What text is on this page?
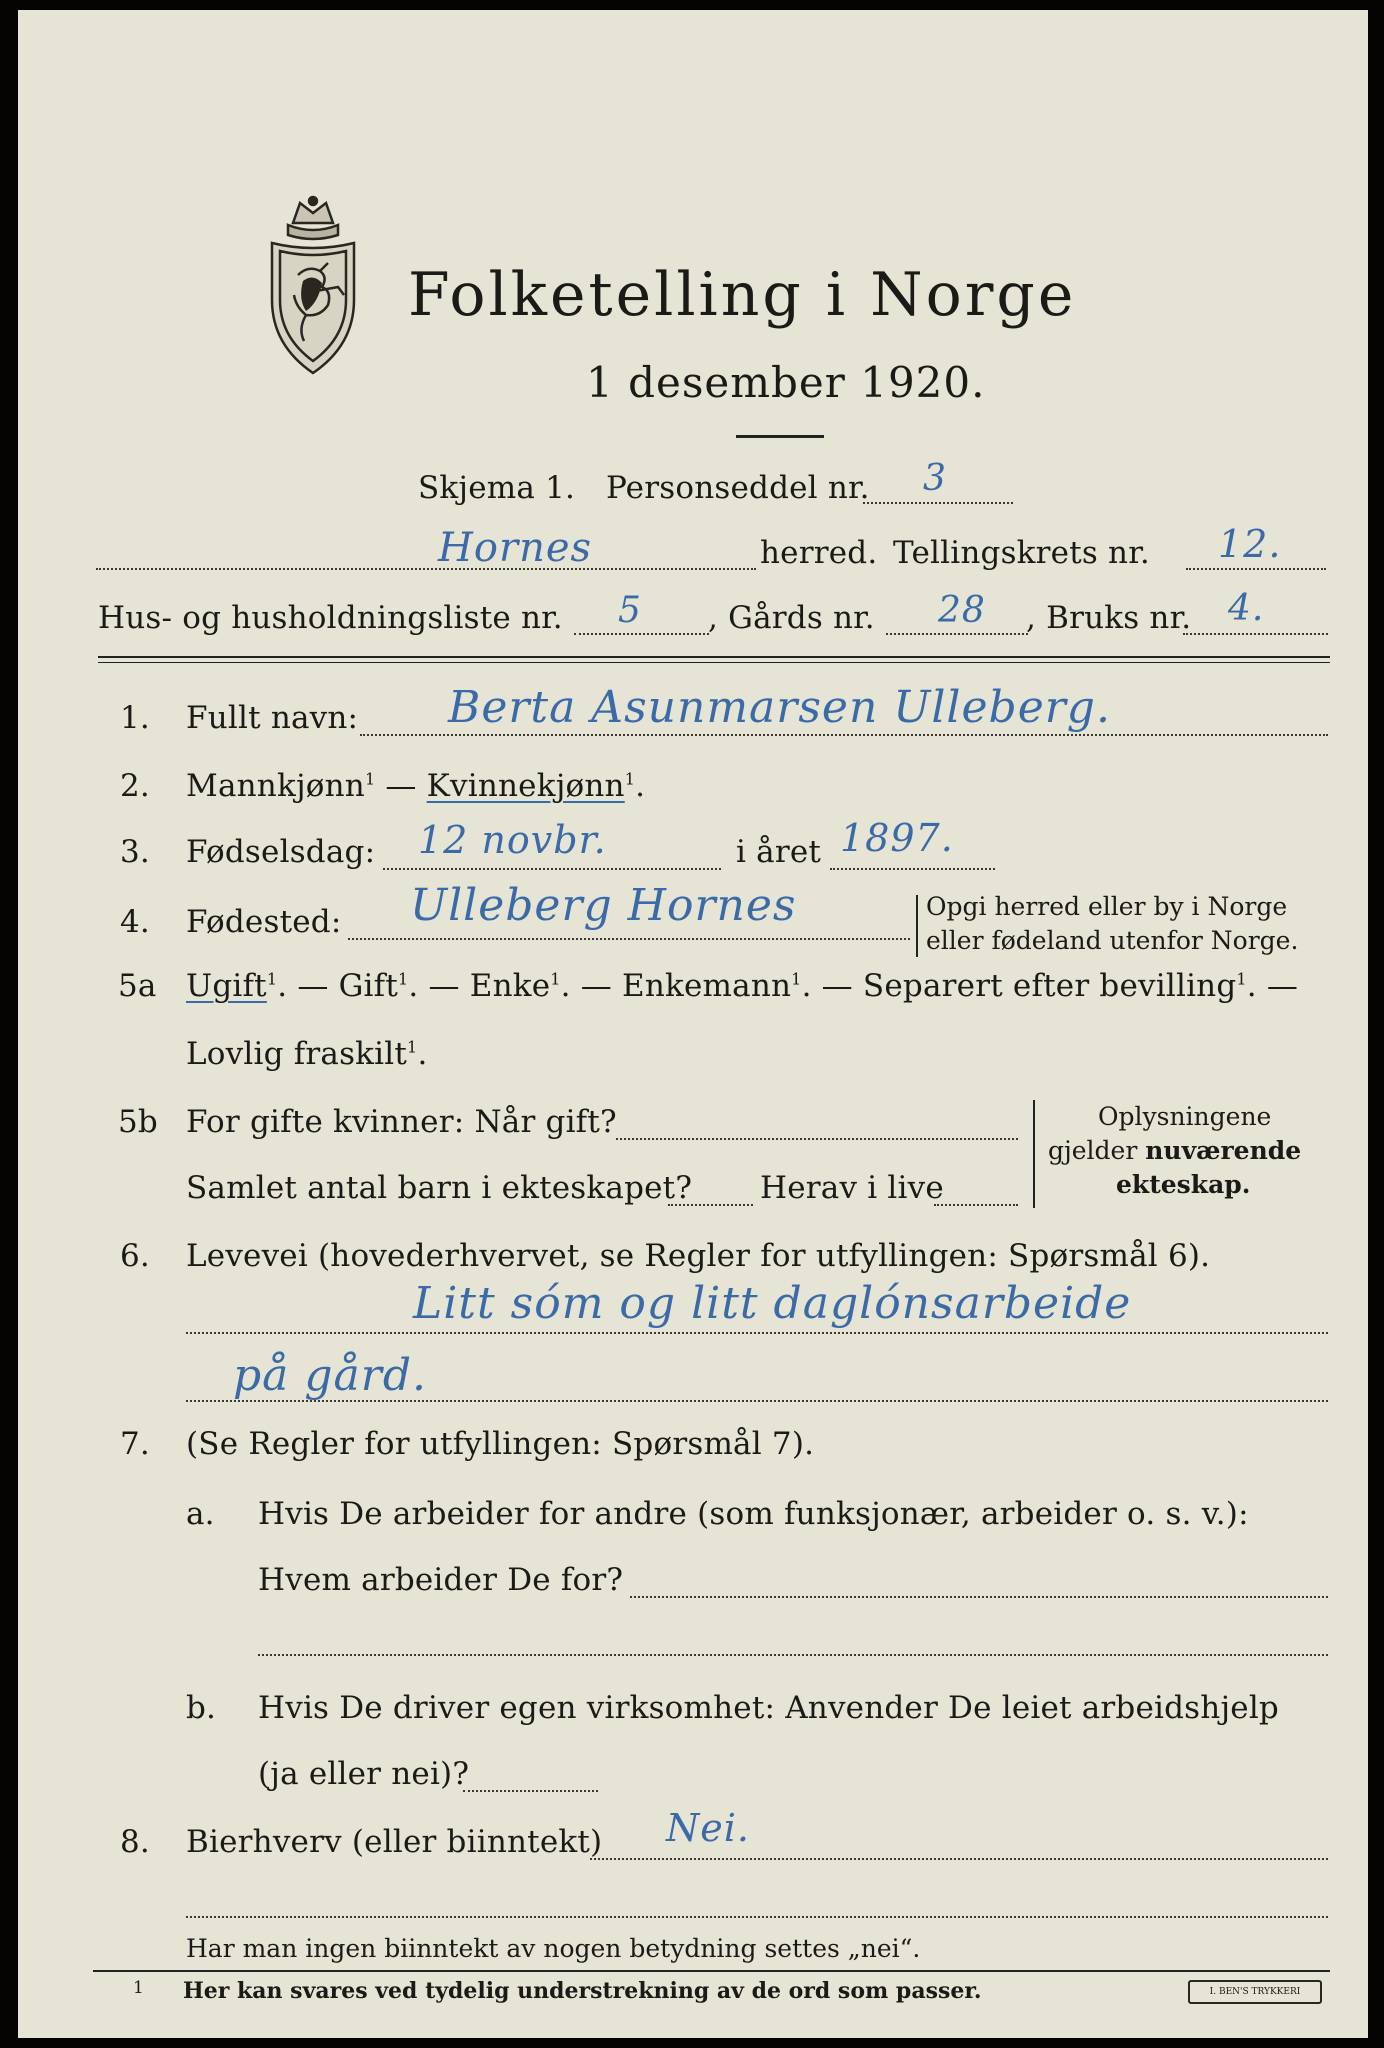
Folketelling i Norge
1 desember 1920.
Skjema 1. Personseddel nr. 3
Hornes	herred. Tellingskrets nr. 12.
Hus- og husholdningsliste nr. 5 , Gårds nr. 28 , Bruks nr. 4.
1. Fullt navn: Berta Asunmarsen Ulleberg.
2. Mannkjønn$^1$ — Kvinnekjønn$^1$.
3. Fødselsdag: 12 novbr.	i året 1897.
4. Fødested: Ulleberg Hornes	Opgi herred eller by i Norge
eller fødeland utenfor Norge.
5a Ugift$^1$. — Gift$^1$. — Enke$^1$. — Enkemann$^1$. — Separert efter bevilling$^1$. —
Lovlig fraskilt$^1$.
5b For gifte kvinner: Når gift?
Samlet antal barn i ekteskapet? Herav i live
Oplysningene
gjelder nuværende
ekteskap.
6. Levevei (hovederhvervet, se Regler for utfyllingen: Spørsmål 6).
Litt sóm og litt daglónsarbeide
på gård.
7. (Se Regler for utfyllingen: Spørsmål 7).
a. Hvis De arbeider for andre (som funksjonær, arbeider o. s. v.):
Hvem arbeider De for?
b. Hvis De driver egen virksomhet: Anvender De leiet arbeidshjelp
(ja eller nei)?
8. Bierhverv (eller biinntekt) Nei.
Har man ingen biinntekt av nogen betydning settes „nei“.
1 Her kan svares ved tydelig understrekning av de ord som passer.	I. BEN'S TRYKKERI
